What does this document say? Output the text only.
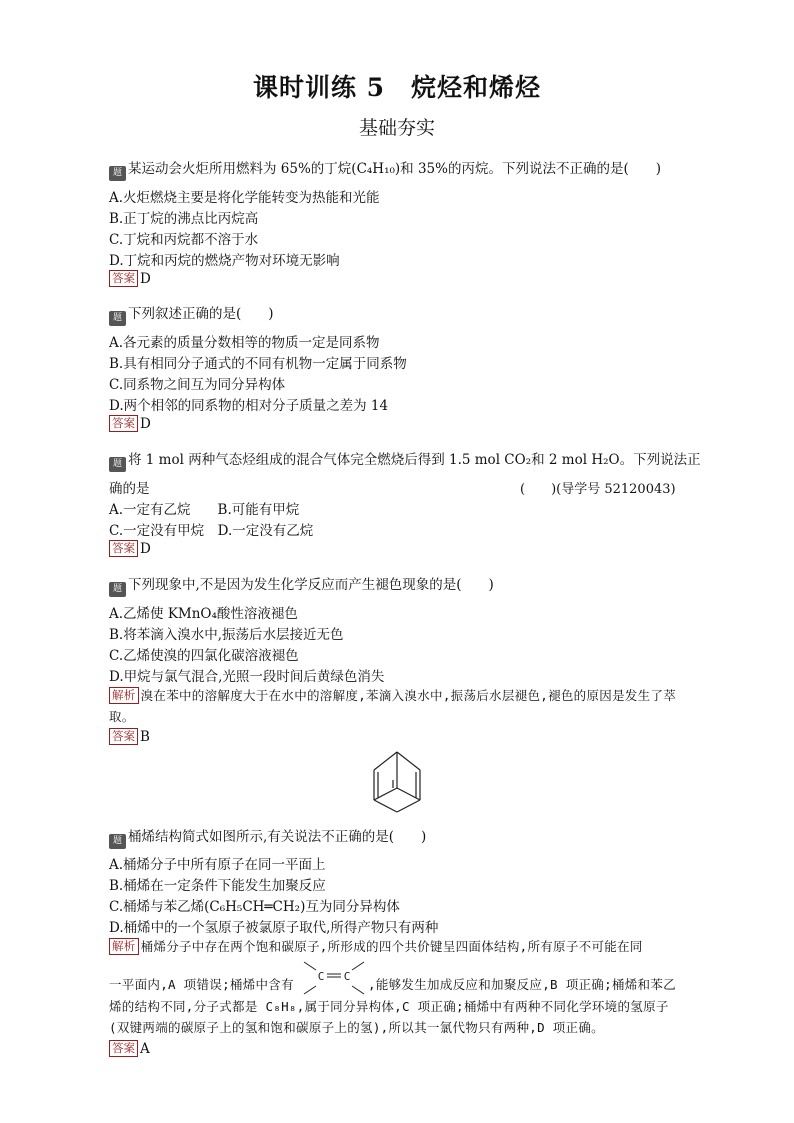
课时训练 5　烷烃和烯烃
基础夯实
题 某运动会火炬所用燃料为 65%的丁烷(C₄H₁₀)和 35%的丙烷。下列说法不正确的是(　　)
A.火炬燃烧主要是将化学能转变为热能和光能
B.正丁烷的沸点比丙烷高
C.丁烷和丙烷都不溶于水
D.丁烷和丙烷的燃烧产物对环境无影响
答案 D
题 下列叙述正确的是(　　)
A.各元素的质量分数相等的物质一定是同系物
B.具有相同分子通式的不同有机物一定属于同系物
C.同系物之间互为同分异构体
D.两个相邻的同系物的相对分子质量之差为 14
答案 D
题 将 1 mol 两种气态烃组成的混合气体完全燃烧后得到 1.5 mol CO₂和 2 mol H₂O。下列说法正
确的是	(　　)(导学号 52120043)
A.一定有乙烷　　B.可能有甲烷
C.一定没有甲烷　D.一定没有乙烷
答案 D
题 下列现象中,不是因为发生化学反应而产生褪色现象的是(　　)
A.乙烯使 KMnO₄酸性溶液褪色
B.将苯滴入溴水中,振荡后水层接近无色
C.乙烯使溴的四氯化碳溶液褪色
D.甲烷与氯气混合,光照一段时间后黄绿色消失
解析 溴在苯中的溶解度大于在水中的溶解度,苯滴入溴水中,振荡后水层褪色,褪色的原因是发生了萃取。
答案 B
题 桶烯结构简式如图所示,有关说法不正确的是(　　)
A.桶烯分子中所有原子在同一平面上
B.桶烯在一定条件下能发生加聚反应
C.桶烯与苯乙烯(C₆H₅CH═CH₂)互为同分异构体
D.桶烯中的一个氢原子被氯原子取代,所得产物只有两种
解析 桶烯分子中存在两个饱和碳原子,所形成的四个共价键呈四面体结构,所有原子不可能在同
一平面内,A 项错误;桶烯中含有
C C
,能够发生加成反应和加聚反应,B 项正确;桶烯和苯乙
烯的结构不同,分子式都是 C₈H₈,属于同分异构体,C 项正确;桶烯中有两种不同化学环境的氢原子
(双键两端的碳原子上的氢和饱和碳原子上的氢),所以其一氯代物只有两种,D 项正确。
答案 A
